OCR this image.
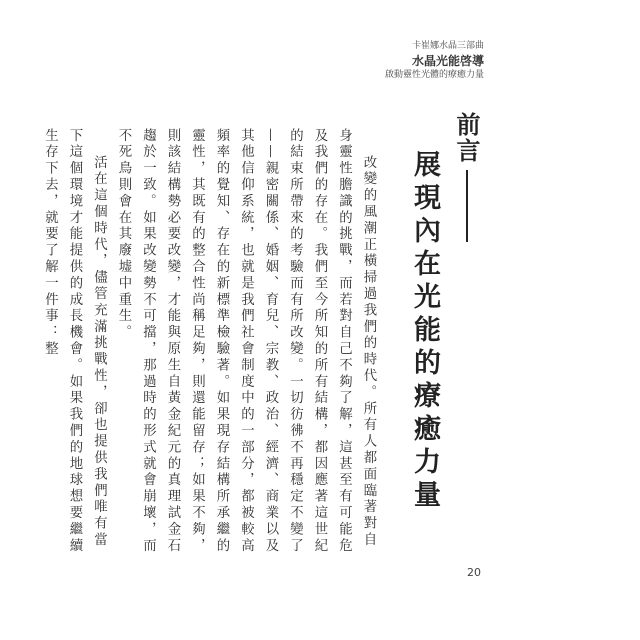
卡崔娜水晶三部曲
水晶光能啓導
啟動靈性光體的療癒力量
前言
展現內在光能的療癒力量

改變的風潮正橫掃過我們的時代。所有人都面臨著對自身靈性膽識的挑戰，而若對自己不夠了解，這甚至有可能危及我們的存在。我們至今所知的所有結構，都因應著這世紀的結束所帶來的考驗而有所改變。一切彷彿不再穩定不變了——親密關係、婚姻、育兒、宗教、政治、經濟、商業以及其他信仰系統，也就是我們社會制度中的一部分，都被較高頻率的覺知、存在的新標準檢驗著。如果現存結構所承繼的靈性，其既有的整合性尚稱足夠，則還能留存；如果不夠，則該結構勢必要改變，才能與原生自黃金紀元的真理試金石趨於一致。如果改變勢不可擋，那過時的形式就會崩壞，而不死鳥則會在其廢墟中重生。

活在這個時代，儘管充滿挑戰性，卻也提供我們唯有當下這個環境才能提供的成長機會。如果我們的地球想要繼續生存下去，就要了解一件事：整

20
